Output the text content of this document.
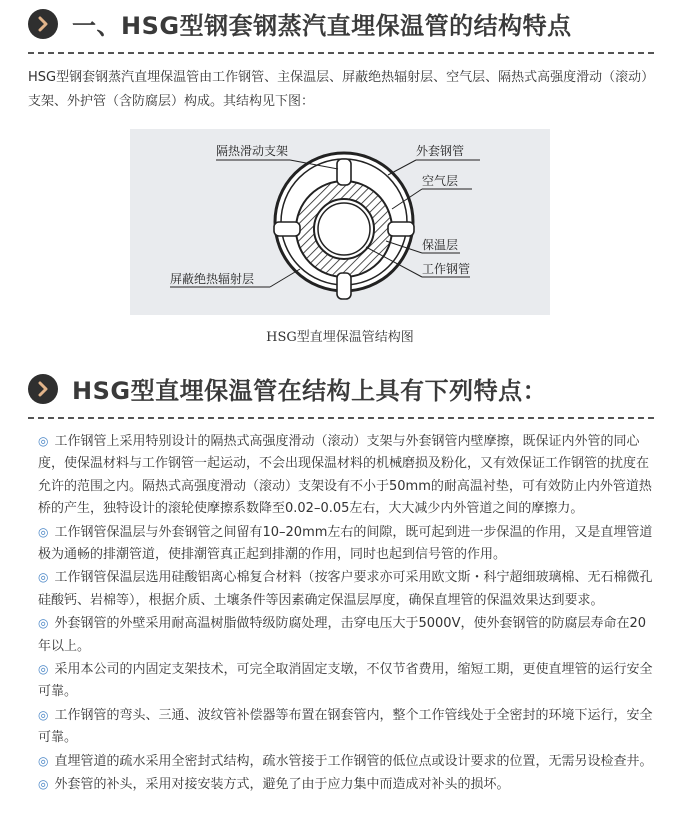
一、HSG型钢套钢蒸汽直埋保温管的结构特点

HSG型钢套钢蒸汽直埋保温管由工作钢管、主保温层、屏蔽绝热辐射层、空气层、隔热式高强度滑动（滚动）支架、外护管（含防腐层）构成。其结构见下图：

隔热滑动支架	外套钢管
空气层
保温层
工作钢管
屏蔽绝热辐射层
HSG型直埋保温管结构图
HSG型直埋保温管在结构上具有下列特点：
◎ 工作钢管上采用特别设计的隔热式高强度滑动（滚动）支架与外套钢管内壁摩擦，既保证内外管的同心度，使保温材料与工作钢管一起运动，不会出现保温材料的机械磨损及粉化，又有效保证工作钢管的扰度在允许的范围之内。隔热式高强度滑动（滚动）支架设有不小于50mm的耐高温衬垫，可有效防止内外管道热桥的产生，独特设计的滚轮使摩擦系数降至0.02–0.05左右，大大减少内外管道之间的摩擦力。
◎ 工作钢管保温层与外套钢管之间留有10–20mm左右的间隙，既可起到进一步保温的作用，又是直埋管道极为通畅的排潮管道，使排潮管真正起到排潮的作用，同时也起到信号管的作用。
◎ 工作钢管保温层选用硅酸铝离心棉复合材料（按客户要求亦可采用欧文斯・科宁超细玻璃棉、无石棉微孔硅酸钙、岩棉等），根据介质、土壤条件等因素确定保温层厚度，确保直埋管的保温效果达到要求。
◎ 外套钢管的外壁采用耐高温树脂做特级防腐处理，击穿电压大于5000V，使外套钢管的防腐层寿命在20年以上。
◎ 采用本公司的内固定支架技术，可完全取消固定支墩，不仅节省费用，缩短工期，更使直埋管的运行安全可靠。
◎ 工作钢管的弯头、三通、波纹管补偿器等布置在钢套管内，整个工作管线处于全密封的环境下运行，安全可靠。
◎ 直埋管道的疏水采用全密封式结构，疏水管接于工作钢管的低位点或设计要求的位置，无需另设检查井。
◎ 外套管的补头，采用对接安装方式，避免了由于应力集中而造成对补头的损坏。
